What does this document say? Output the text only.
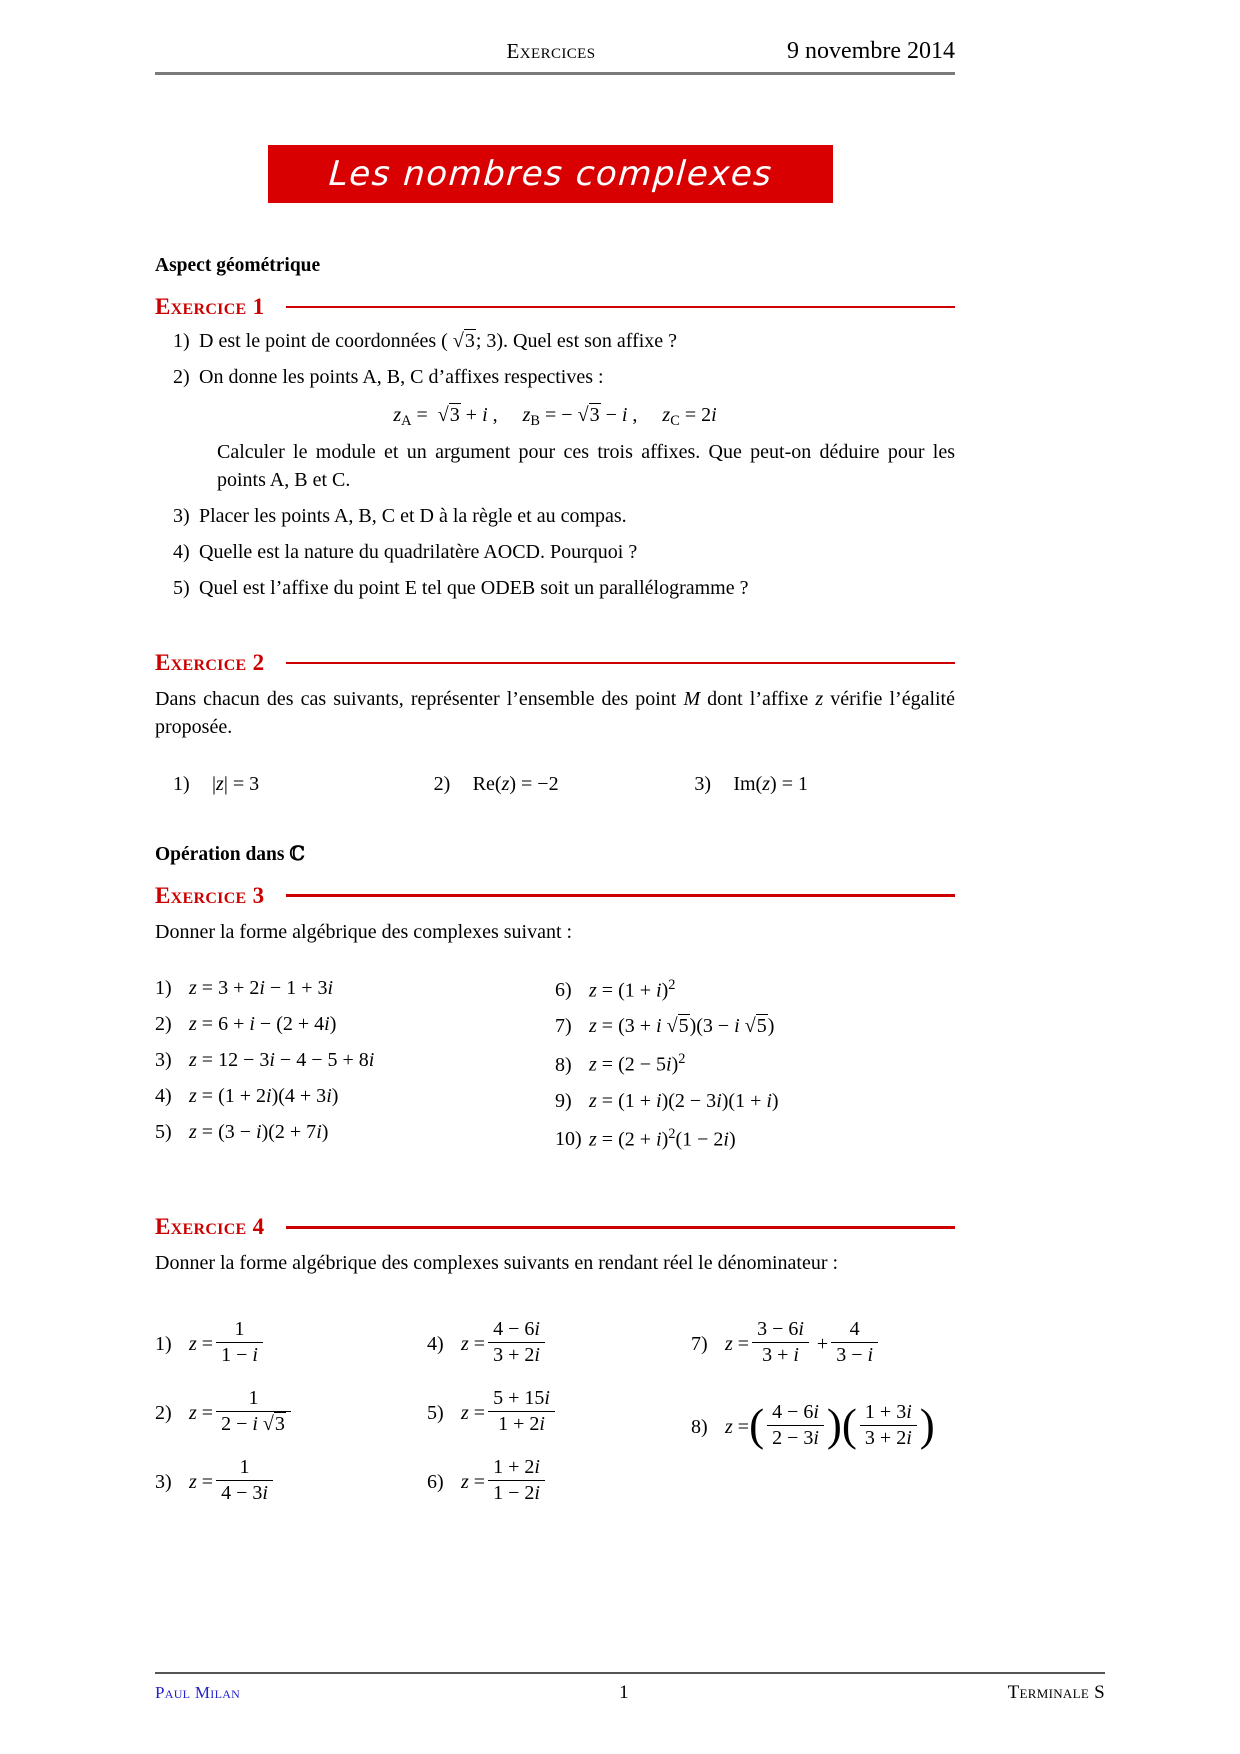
Exercices	9 novembre 2014
Les nombres complexes
Aspect géométrique
Exercice 1
1) D est le point de coordonnées ( √3; 3). Quel est son affixe ?
2) On donne les points A, B, C d’affixes respectives :
$z_A = √3 + i$ , $z_B$ = − √3 − i , $z_C = 2i$
Calculer le module et un argument pour ces trois affixes. Que peut-on déduire pour les points A, B et C.
3) Placer les points A, B, C et D à la règle et au compas.
4) Quelle est la nature du quadrilatère AOCD. Pourquoi ?
5) Quel est l’affixe du point E tel que ODEB soit un parallélogramme ?
Exercice 2
Dans chacun des cas suivants, représenter l’ensemble des point M dont l’affixe z vérifie l’égalité proposée.
1) |z| = 3	2) Re(z) = −2	3) Im(z) = 1
Opération dans ℂ
Exercice 3
Donner la forme algébrique des complexes suivant :
1) z = 3 + 2i − 1 + 3i
2) z = 6 + i − (2 + 4i)
3) z = 12 − 3i − 4 − 5 + 8i
4) z = (1 + 2i)(4 + 3i)
5) z = (3 − i)(2 + 7i)
6) $z = (1 + i)^2$
7) z = (3 + i √5)(3 − i √5)
8) $z = (2 - 5i)^2$
9) z = (1 + i)(2 − 3i)(1 + i)
10) $z = (2 + i)^2(1 - 2i)$
Exercice 4
Donner la forme algébrique des complexes suivants en rendant réel le dénominateur :
1) $z = \frac{1}{1 - i}$
2) $z = \frac{1}{2 - i √3}$
3) $z = \frac{1}{4 - 3i}$
4) $z = \frac{4 - 6i}{3 + 2i}$
5) $z = \frac{5 + 15i}{1 + 2i}$
6) $z = \frac{1 + 2i}{1 - 2i}$
7) $z = \frac{3 - 6i}{3 + i} + \frac{4}{3 - i}$
8) z = ( $\frac{4 - 6i}{2 - 3i}$ ) ( $\frac{1 + 3i}{3 + 2i}$ )
Paul Milan	1	Terminale S
